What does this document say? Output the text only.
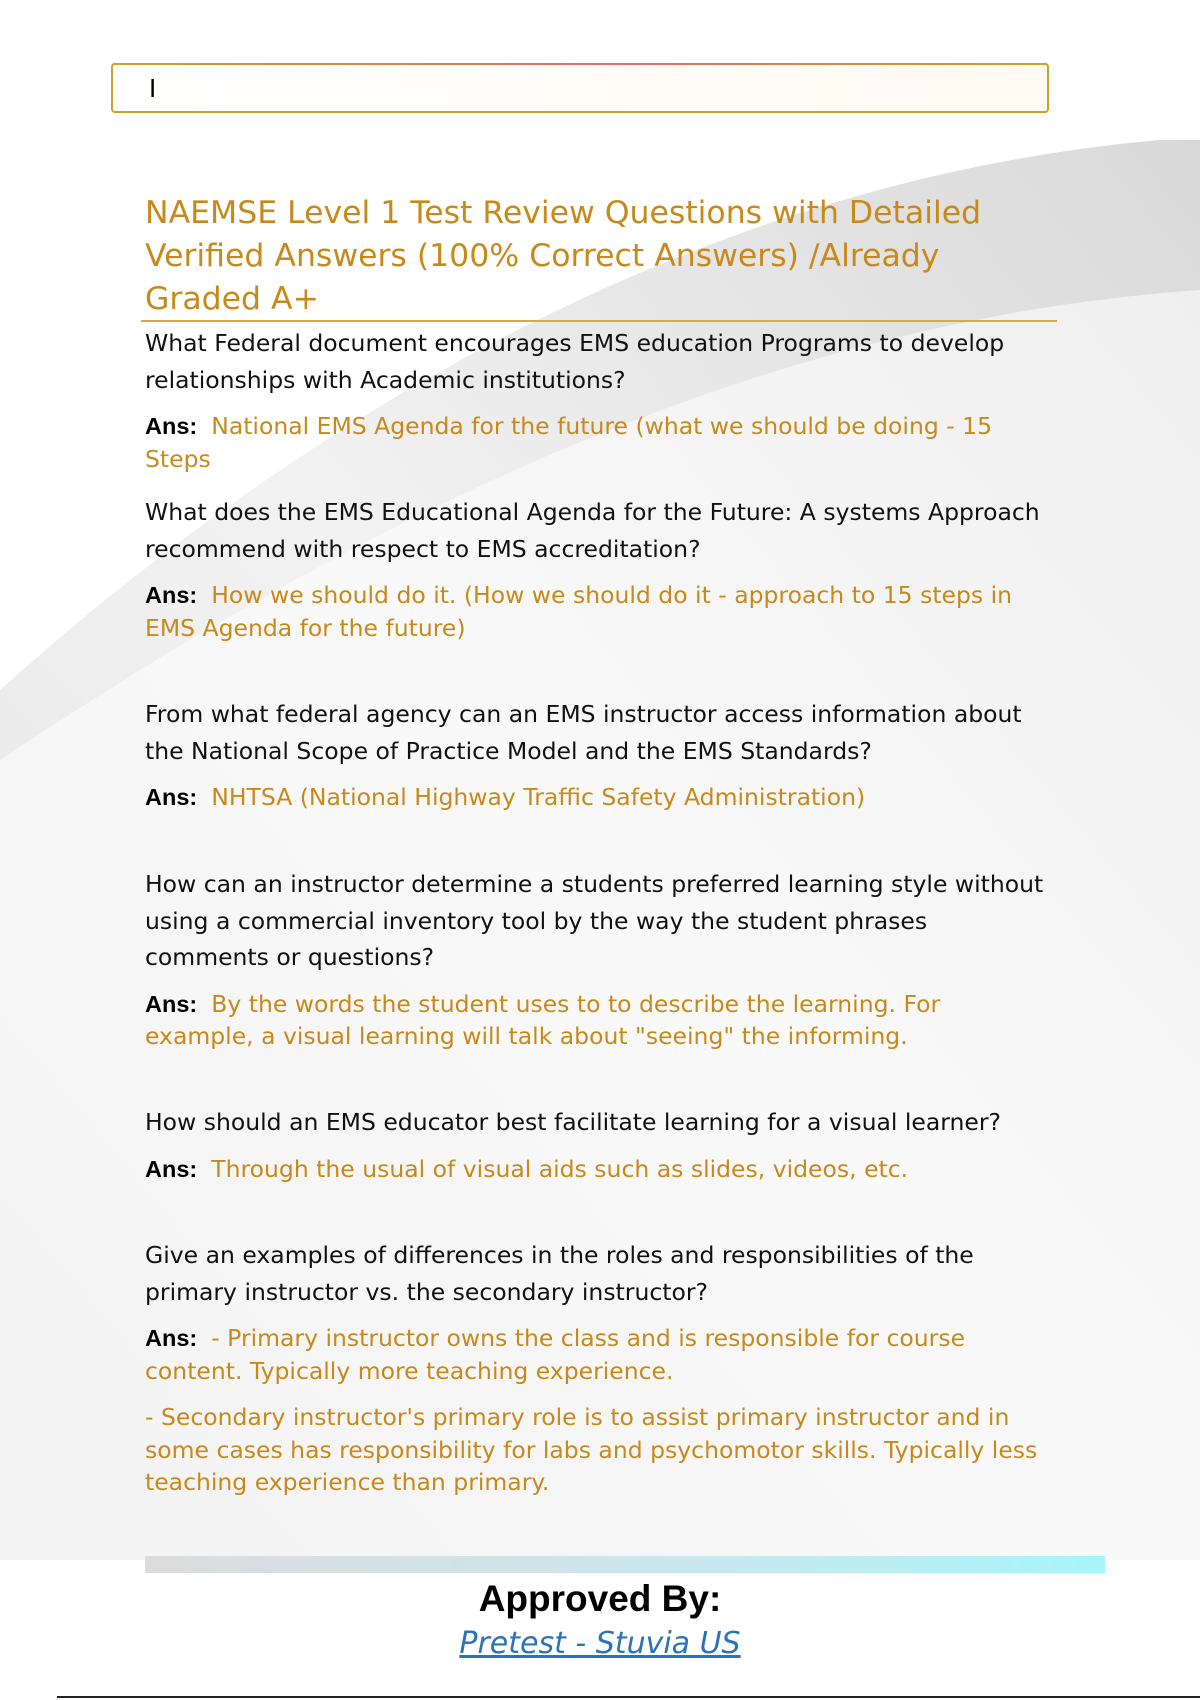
I
NAEMSE Level 1 Test Review Questions with Detailed Verified Answers (100% Correct Answers) /Already Graded A+

What Federal document encourages EMS education Programs to develop relationships with Academic institutions?

Ans: National EMS Agenda for the future (what we should be doing - 15 Steps

What does the EMS Educational Agenda for the Future: A systems Approach recommend with respect to EMS accreditation?

Ans: How we should do it. (How we should do it - approach to 15 steps in EMS Agenda for the future)

From what federal agency can an EMS instructor access information about the National Scope of Practice Model and the EMS Standards?

Ans: NHTSA (National Highway Traffic Safety Administration)

How can an instructor determine a students preferred learning style without using a commercial inventory tool by the way the student phrases comments or questions?

Ans: By the words the student uses to to describe the learning. For example, a visual learning will talk about "seeing" the informing.

How should an EMS educator best facilitate learning for a visual learner?

Ans: Through the usual of visual aids such as slides, videos, etc.

Give an examples of differences in the roles and responsibilities of the primary instructor vs. the secondary instructor?

Ans: - Primary instructor owns the class and is responsible for course content. Typically more teaching experience.

- Secondary instructor's primary role is to assist primary instructor and in some cases has responsibility for labs and psychomotor skills. Typically less teaching experience than primary.

Approved By:
Pretest - Stuvia US
